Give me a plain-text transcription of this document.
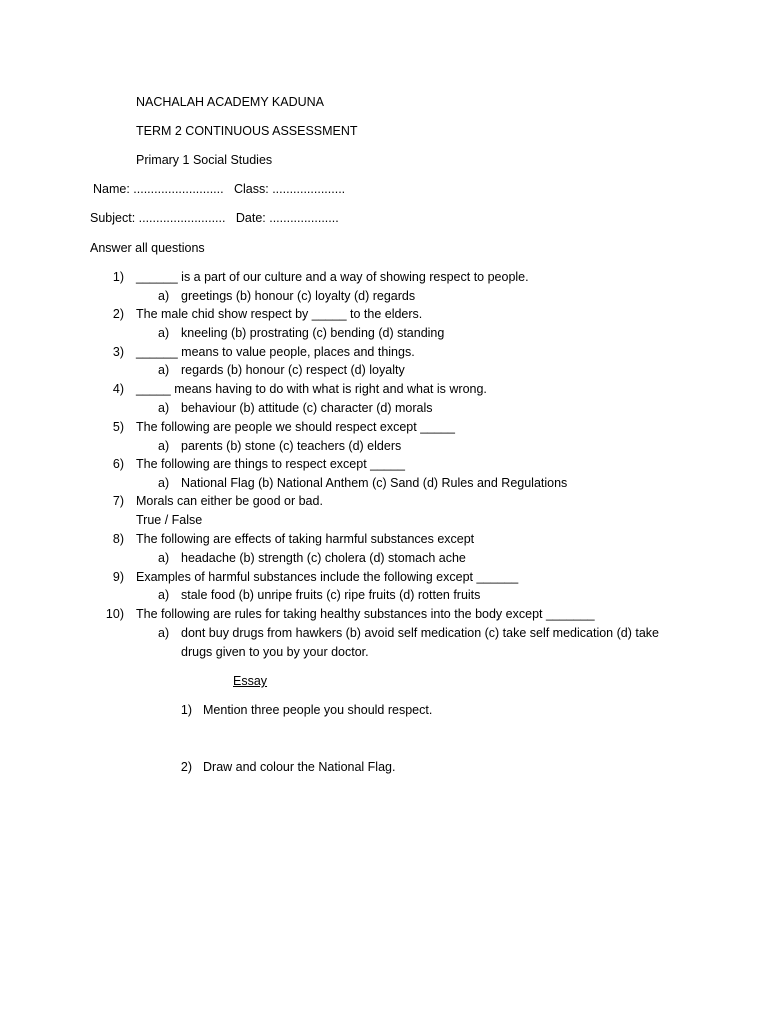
NACHALAH ACADEMY KADUNA
TERM 2 CONTINUOUS ASSESSMENT
Primary 1 Social Studies
Name: ..........................   Class: .....................
Subject: .........................   Date: ....................
Answer all questions
1) ______ is a part of our culture and a way of showing respect to people.
a) greetings (b) honour (c) loyalty (d) regards
2) The male chid show respect by _____ to the elders.
a) kneeling (b) prostrating (c) bending (d) standing
3) ______ means to value people, places and things.
a) regards (b) honour (c) respect (d) loyalty
4) _____ means having to do with what is right and what is wrong.
a) behaviour (b) attitude (c) character (d) morals
5) The following are people we should respect except _____
a) parents (b) stone (c) teachers (d) elders
6) The following are things to respect except _____
a) National Flag (b) National Anthem (c) Sand (d) Rules and Regulations
7) Morals can either be good or bad.
True / False
8) The following are effects of taking harmful substances except
a) headache (b) strength (c) cholera (d) stomach ache
9) Examples of harmful substances include the following except ______
a) stale food (b) unripe fruits (c) ripe fruits (d) rotten fruits
10) The following are rules for taking healthy substances into the body except _______
a) dont buy drugs from hawkers (b) avoid self medication (c) take self medication (d) take
drugs given to you by your doctor.
Essay
1) Mention three people you should respect.
2) Draw and colour the National Flag.
